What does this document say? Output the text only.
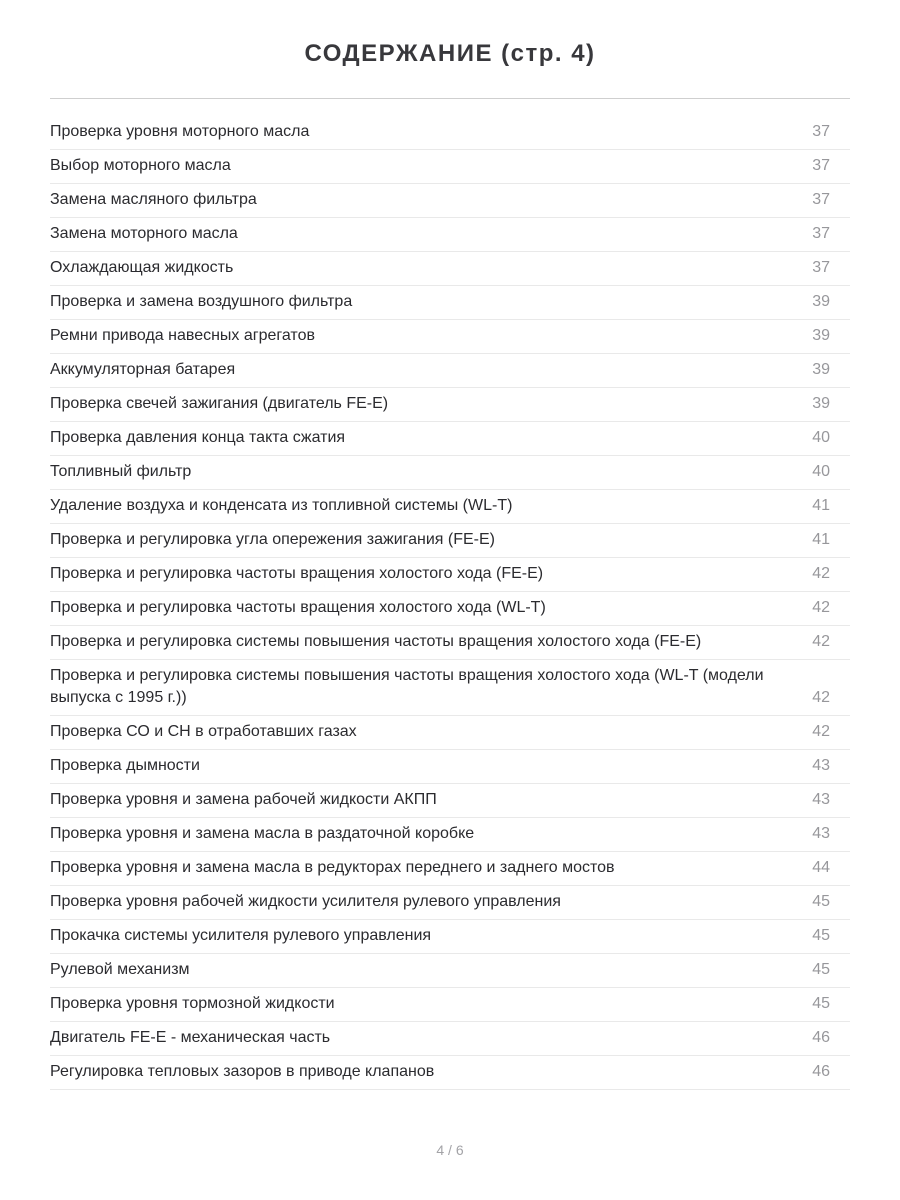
СОДЕРЖАНИЕ (стр. 4)
Проверка уровня моторного масла	37
Выбор моторного масла	37
Замена масляного фильтра	37
Замена моторного масла	37
Охлаждающая жидкость	37
Проверка и замена воздушного фильтра	39
Ремни привода навесных агрегатов	39
Аккумуляторная батарея	39
Проверка свечей зажигания (двигатель FE-E)	39
Проверка давления конца такта сжатия	40
Топливный фильтр	40
Удаление воздуха и конденсата из топливной системы (WL-T)	41
Проверка и регулировка угла опережения зажигания (FE-E)	41
Проверка и регулировка частоты вращения холостого хода (FE-E)	42
Проверка и регулировка частоты вращения холостого хода (WL-T)	42
Проверка и регулировка системы повышения частоты вращения холостого хода (FE-E)	42
Проверка и регулировка системы повышения частоты вращения холостого хода (WL-T (модели выпуска с 1995 г.))	42
Проверка СО и СН в отработавших газах	42
Проверка дымности	43
Проверка уровня и замена рабочей жидкости АКПП	43
Проверка уровня и замена масла в раздаточной коробке	43
Проверка уровня и замена масла в редукторах переднего и заднего мостов	44
Проверка уровня рабочей жидкости усилителя рулевого управления	45
Прокачка системы усилителя рулевого управления	45
Рулевой механизм	45
Проверка уровня тормозной жидкости	45
Двигатель FE-E - механическая часть	46
Регулировка тепловых зазоров в приводе клапанов	46
4 / 6
